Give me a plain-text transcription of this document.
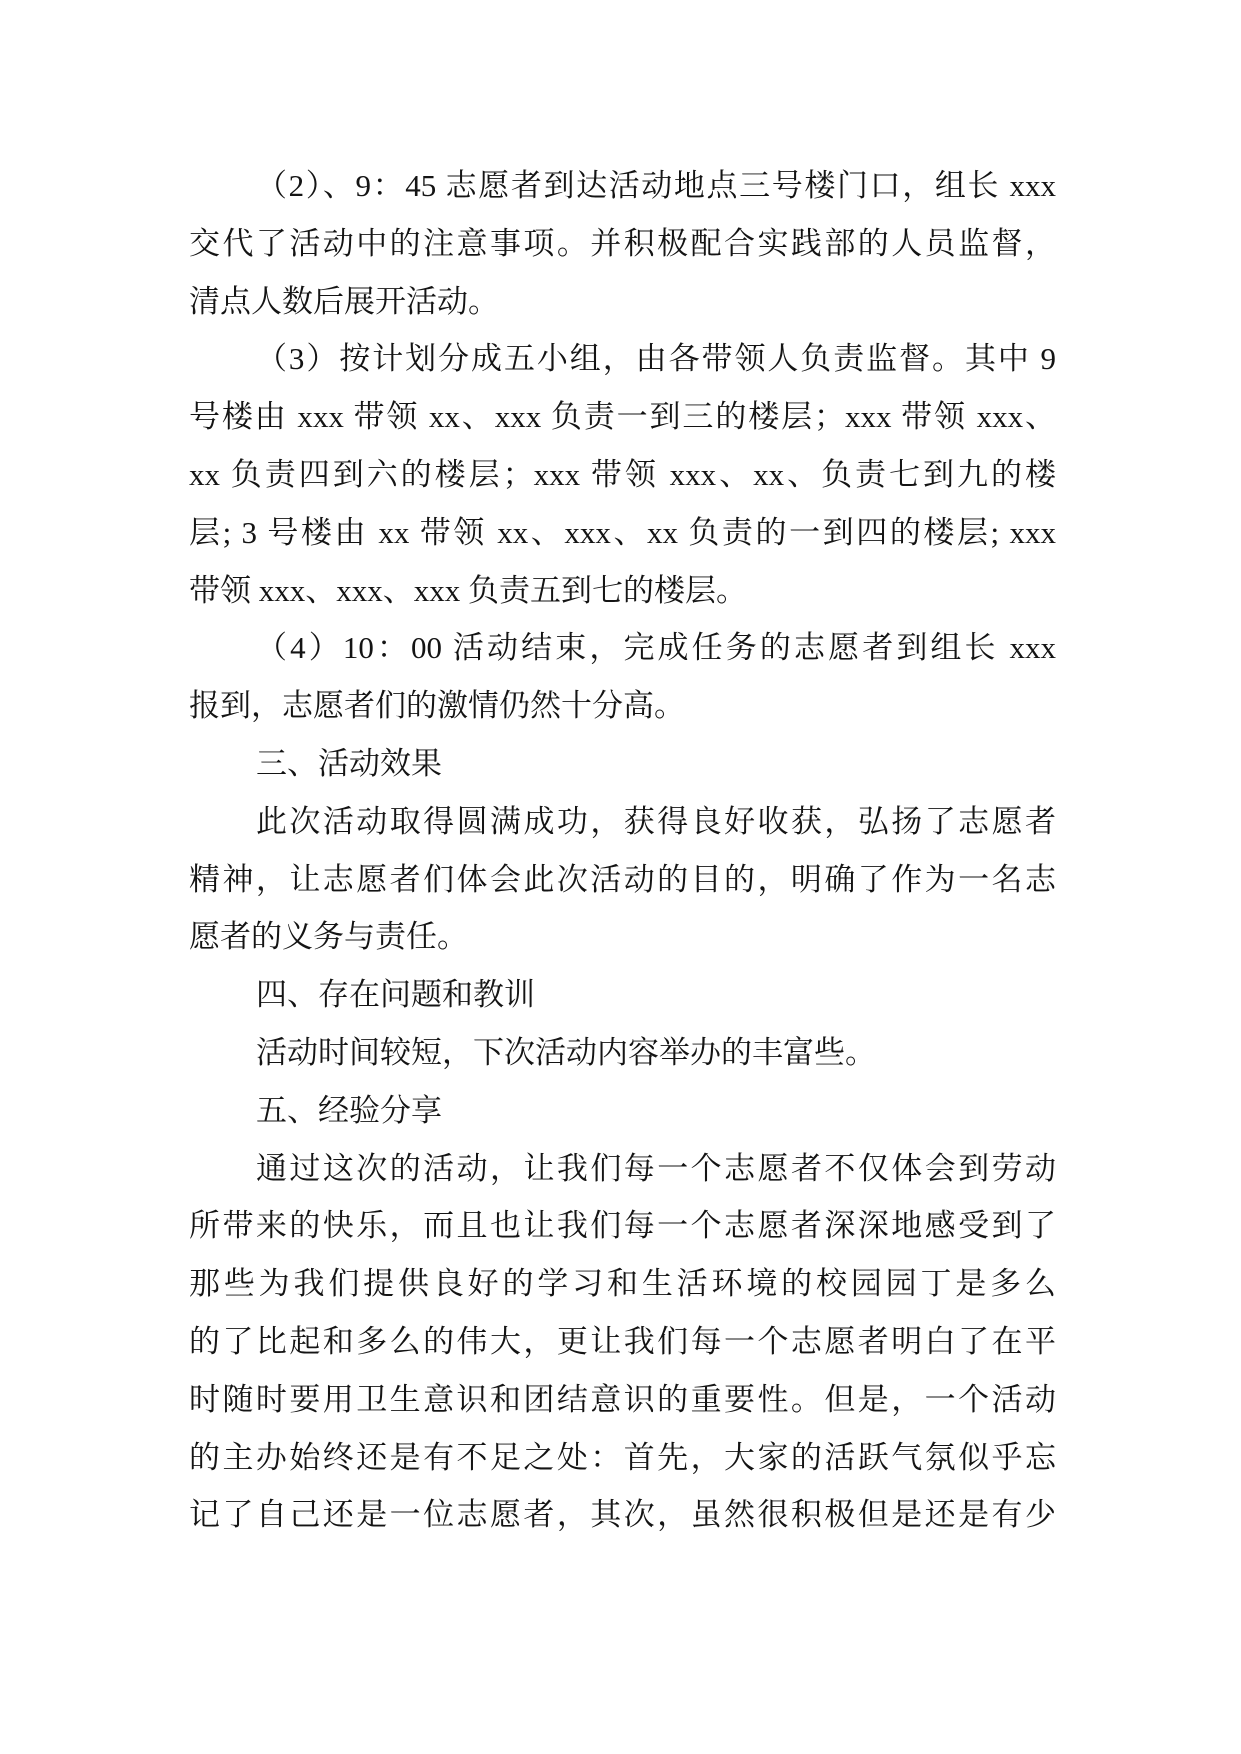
（2）、9：45 志愿者到达活动地点三号楼门口，组长 xxx
交代了活动中的注意事项。并积极配合实践部的人员监督，
清点人数后展开活动。
（3）按计划分成五小组，由各带领人负责监督。其中 9
号楼由 xxx 带领 xx、xxx 负责一到三的楼层；xxx 带领 xxx、
xx 负责四到六的楼层；xxx 带领 xxx、xx、负责七到九的楼
层; 3 号楼由 xx 带领 xx、xxx、xx 负责的一到四的楼层; xxx
带领 xxx、xxx、xxx 负责五到七的楼层。
（4）10：00 活动结束，完成任务的志愿者到组长 xxx
报到，志愿者们的激情仍然十分高。
三、活动效果
此次活动取得圆满成功，获得良好收获，弘扬了志愿者
精神，让志愿者们体会此次活动的目的，明确了作为一名志
愿者的义务与责任。
四、存在问题和教训
活动时间较短，下次活动内容举办的丰富些。
五、经验分享
通过这次的活动，让我们每一个志愿者不仅体会到劳动
所带来的快乐，而且也让我们每一个志愿者深深地感受到了
那些为我们提供良好的学习和生活环境的校园园丁是多么
的了比起和多么的伟大，更让我们每一个志愿者明白了在平
时随时要用卫生意识和团结意识的重要性。但是，一个活动
的主办始终还是有不足之处：首先，大家的活跃气氛似乎忘
记了自己还是一位志愿者，其次，虽然很积极但是还是有少
